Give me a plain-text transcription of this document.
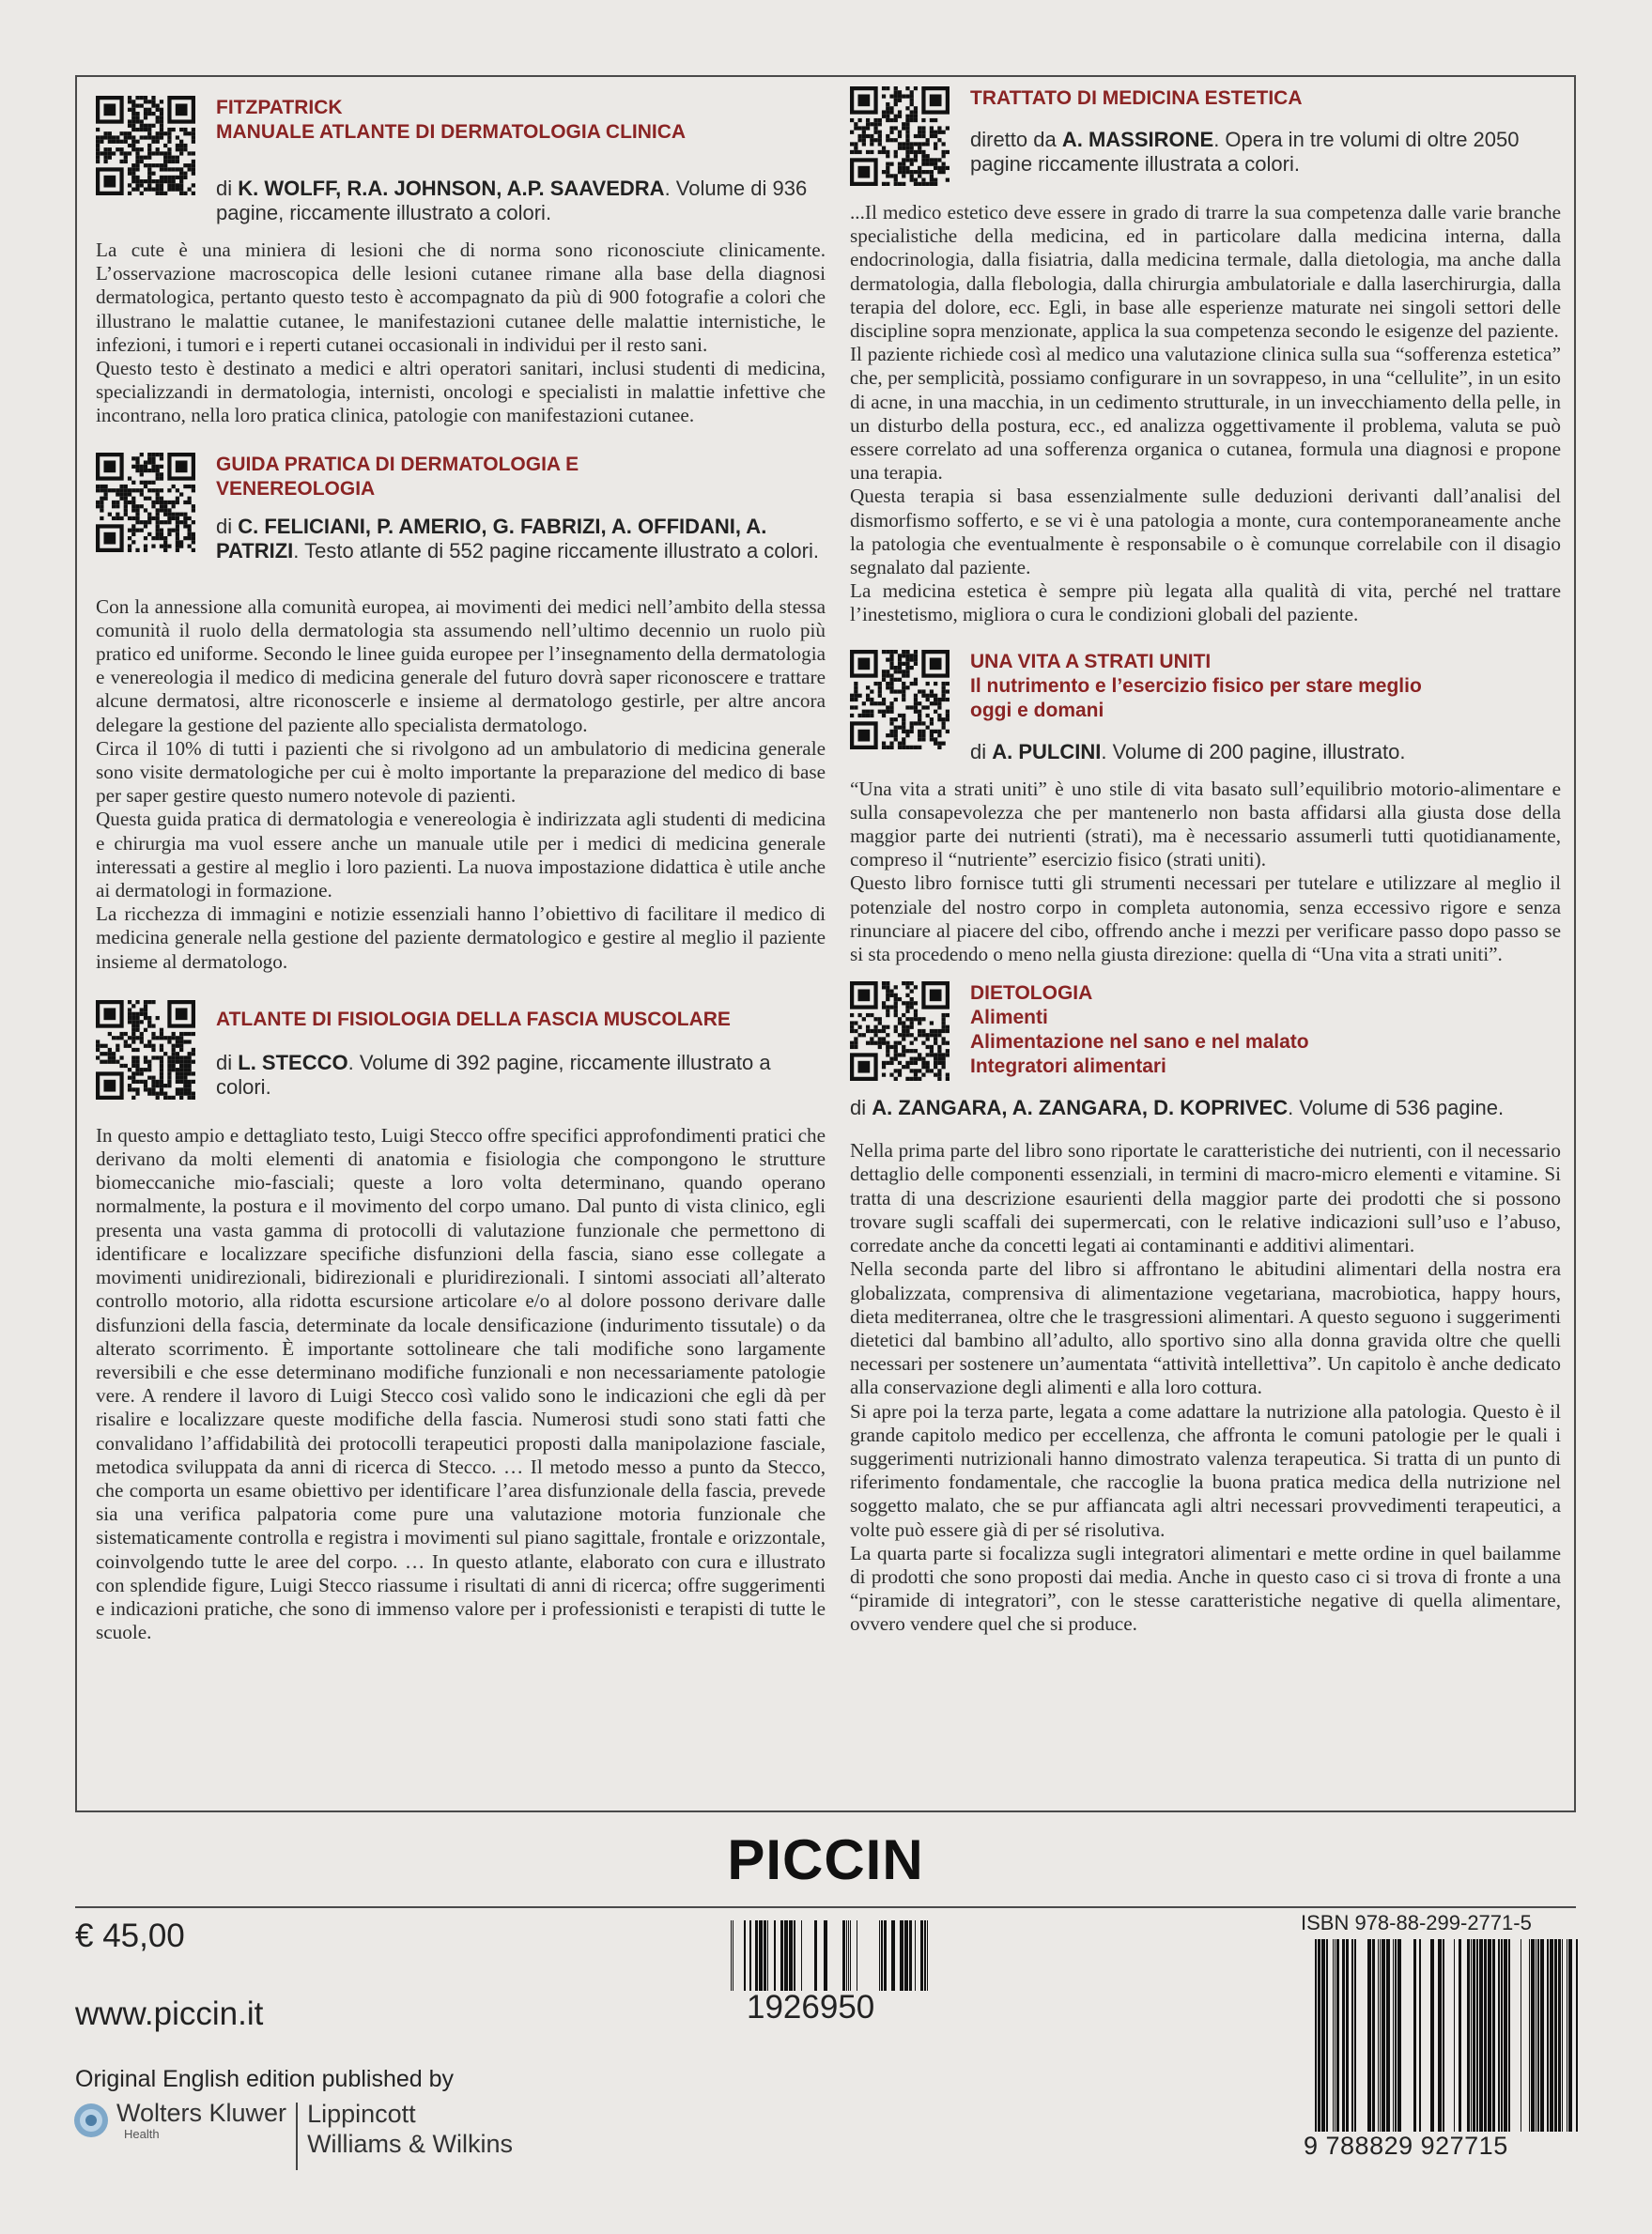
FITZPATRICK
MANUALE ATLANTE DI DERMATOLOGIA CLINICA
di K. WOLFF, R.A. JOHNSON, A.P. SAAVEDRA. Volume di 936 pagine, riccamente illustrato a colori.

La cute è una miniera di lesioni che di norma sono riconosciute clinicamente. L’osservazione macroscopica delle lesioni cutanee rimane alla base della diagnosi dermatologica, pertanto questo testo è accompagnato da più di 900 fotografie a colori che illustrano le malattie cutanee, le manifestazioni cutanee delle malattie internistiche, le infezioni, i tumori e i reperti cutanei occasionali in individui per il resto sani.

Questo testo è destinato a medici e altri operatori sanitari, inclusi studenti di medicina, specializzandi in dermatologia, internisti, oncologi e specialisti in malattie infettive che incontrano, nella loro pratica clinica, patologie con manifestazioni cutanee.

GUIDA PRATICA DI DERMATOLOGIA E
VENEREOLOGIA
di C. FELICIANI, P. AMERIO, G. FABRIZI, A. OFFIDANI, A. PATRIZI. Testo atlante di 552 pagine riccamente illustrato a colori.

Con la annessione alla comunità europea, ai movimenti dei medici nell’ambito della stessa comunità il ruolo della dermatologia sta assumendo nell’ultimo decennio un ruolo più pratico ed uniforme. Secondo le linee guida europee per l’insegnamento della dermatologia e venereologia il medico di medicina generale del futuro dovrà saper riconoscere e trattare alcune dermatosi, altre riconoscerle e insieme al dermatologo gestirle, per altre ancora delegare la gestione del paziente allo specialista dermatologo.

Circa il 10% di tutti i pazienti che si rivolgono ad un ambulatorio di medicina generale sono visite dermatologiche per cui è molto importante la preparazione del medico di base per saper gestire questo numero notevole di pazienti.

Questa guida pratica di dermatologia e venereologia è indirizzata agli studenti di medicina e chirurgia ma vuol essere anche un manuale utile per i medici di medicina generale interessati a gestire al meglio i loro pazienti. La nuova impostazione didattica è utile anche ai dermatologi in formazione.

La ricchezza di immagini e notizie essenziali hanno l’obiettivo di facilitare il medico di medicina generale nella gestione del paziente dermatologico e gestire al meglio il paziente insieme al dermatologo.

ATLANTE DI FISIOLOGIA DELLA FASCIA MUSCOLARE
di L. STECCO. Volume di 392 pagine, riccamente illustrato a colori.

In questo ampio e dettagliato testo, Luigi Stecco offre specifici approfondimenti pratici che derivano da molti elementi di anatomia e fisiologia che compongono le strutture biomeccaniche mio-fasciali; queste a loro volta determinano, quando operano normalmente, la postura e il movimento del corpo umano. Dal punto di vista clinico, egli presenta una vasta gamma di protocolli di valutazione funzionale che permettono di identificare e localizzare specifiche disfunzioni della fascia, siano esse collegate a movimenti unidirezionali, bidirezionali e pluridirezionali. I sintomi associati all’alterato controllo motorio, alla ridotta escursione articolare e/o al dolore possono derivare dalle disfunzioni della fascia, determinate da locale densificazione (indurimento tissutale) o da alterato scorrimento. È importante sottolineare che tali modifiche sono largamente reversibili e che esse determinano modifiche funzionali e non necessariamente patologie vere. A rendere il lavoro di Luigi Stecco così valido sono le indicazioni che egli dà per risalire e localizzare queste modifiche della fascia. Numerosi studi sono stati fatti che convalidano l’affidabilità dei protocolli terapeutici proposti dalla manipolazione fasciale, metodica sviluppata da anni di ricerca di Stecco. … Il metodo messo a punto da Stecco, che comporta un esame obiettivo per identificare l’area disfunzionale della fascia, prevede sia una verifica palpatoria come pure una valutazione motoria funzionale che sistematicamente controlla e registra i movimenti sul piano sagittale, frontale e orizzontale, coinvolgendo tutte le aree del corpo. … In questo atlante, elaborato con cura e illustrato con splendide figure, Luigi Stecco riassume i risultati di anni di ricerca; offre suggerimenti e indicazioni pratiche, che sono di immenso valore per i professionisti e terapisti di tutte le scuole.

TRATTATO DI MEDICINA ESTETICA
diretto da A. MASSIRONE. Opera in tre volumi di oltre 2050 pagine riccamente illustrata a colori.

...Il medico estetico deve essere in grado di trarre la sua competenza dalle varie branche specialistiche della medicina, ed in particolare dalla medicina interna, dalla endocrinologia, dalla fisiatria, dalla medicina termale, dalla dietologia, ma anche dalla dermatologia, dalla flebologia, dalla chirurgia ambulatoriale e dalla laserchirurgia, dalla terapia del dolore, ecc. Egli, in base alle esperienze maturate nei singoli settori delle discipline sopra menzionate, applica la sua competenza secondo le esigenze del paziente.

Il paziente richiede così al medico una valutazione clinica sulla sua “sofferenza estetica” che, per semplicità, possiamo configurare in un sovrappeso, in una “cellulite”, in un esito di acne, in una macchia, in un cedimento strutturale, in un invecchiamento della pelle, in un disturbo della postura, ecc., ed analizza oggettivamente il problema, valuta se può essere correlato ad una sofferenza organica o cutanea, formula una diagnosi e propone una terapia.

Questa terapia si basa essenzialmente sulle deduzioni derivanti dall’analisi del dismorfismo sofferto, e se vi è una patologia a monte, cura contemporaneamente anche la patologia che eventualmente è responsabile o è comunque correlabile con il disagio segnalato dal paziente.

La medicina estetica è sempre più legata alla qualità di vita, perché nel trattare l’inestetismo, migliora o cura le condizioni globali del paziente.

UNA VITA A STRATI UNITI
Il nutrimento e l’esercizio fisico per stare meglio
oggi e domani
di A. PULCINI. Volume di 200 pagine, illustrato.

“Una vita a strati uniti” è uno stile di vita basato sull’equilibrio motorio-alimentare e sulla consapevolezza che per mantenerlo non basta affidarsi alla giusta dose della maggior parte dei nutrienti (strati), ma è necessario assumerli tutti quotidianamente, compreso il “nutriente” esercizio fisico (strati uniti).

Questo libro fornisce tutti gli strumenti necessari per tutelare e utilizzare al meglio il potenziale del nostro corpo in completa autonomia, senza eccessivo rigore e senza rinunciare al piacere del cibo, offrendo anche i mezzi per verificare passo dopo passo se si sta procedendo o meno nella giusta direzione: quella di “Una vita a strati uniti”.

DIETOLOGIA
Alimenti
Alimentazione nel sano e nel malato
Integratori alimentari
di A. ZANGARA, A. ZANGARA, D. KOPRIVEC. Volume di 536 pagine.

Nella prima parte del libro sono riportate le caratteristiche dei nutrienti, con il necessario dettaglio delle componenti essenziali, in termini di macro-micro elementi e vitamine. Si tratta di una descrizione esaurienti della maggior parte dei prodotti che si possono trovare sugli scaffali dei supermercati, con le relative indicazioni sull’uso e l’abuso, corredate anche da concetti legati ai contaminanti e additivi alimentari.

Nella seconda parte del libro si affrontano le abitudini alimentari della nostra era globalizzata, comprensiva di alimentazione vegetariana, macrobiotica, happy hours, dieta mediterranea, oltre che le trasgressioni alimentari. A questo seguono i suggerimenti dietetici dal bambino all’adulto, allo sportivo sino alla donna gravida oltre che quelli necessari per sostenere un’aumentata “attività intellettiva”. Un capitolo è anche dedicato alla conservazione degli alimenti e alla loro cottura.

Si apre poi la terza parte, legata a come adattare la nutrizione alla patologia. Questo è il grande capitolo medico per eccellenza, che affronta le comuni patologie per le quali i suggerimenti nutrizionali hanno dimostrato valenza terapeutica. Si tratta di un punto di riferimento fondamentale, che raccoglie la buona pratica medica della nutrizione nel soggetto malato, che se pur affiancata agli altri necessari provvedimenti terapeutici, a volte può essere già di per sé risolutiva.

La quarta parte si focalizza sugli integratori alimentari e mette ordine in quel bailamme di prodotti che sono proposti dai media. Anche in questo caso ci si trova di fronte a una “piramide di integratori”, con le stesse caratteristiche negative di quella alimentare, ovvero vendere quel che si produce.

PICCIN
€ 45,00
www.piccin.it
Original English edition published by
Wolters Kluwer
Health
Lippincott
Williams & Wilkins
1926950
ISBN 978-88-299-2771-5
9 788829 927715
